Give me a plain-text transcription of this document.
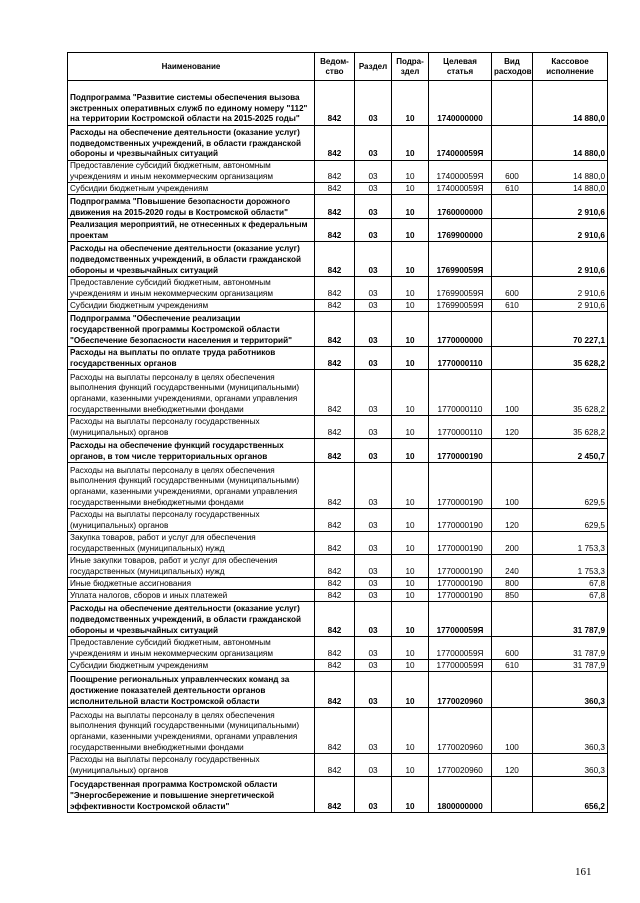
Наименование	Ведом-ство	Раздел	Подра-здел	Целевая статья	Вид расходов	Кассовое исполнение
Подпрограмма "Развитие системы обеспечения вызова экстренных оперативных служб по единому номеру "112" на территории Костромской области на 2015-2025 годы"	842	03	10	1740000000		14 880,0
Расходы на обеспечение деятельности (оказание услуг) подведомственных учреждений, в области гражданской обороны и чрезвычайных ситуаций	842	03	10	174000059Я		14 880,0
Предоставление субсидий бюджетным, автономным учреждениям и иным некоммерческим организациям	842	03	10	174000059Я	600	14 880,0
Субсидии бюджетным учреждениям	842	03	10	174000059Я	610	14 880,0
Подпрограмма "Повышение безопасности дорожного движения на 2015-2020 годы в Костромской области"	842	03	10	1760000000		2 910,6
Реализация мероприятий, не отнесенных к федеральным проектам	842	03	10	1769900000		2 910,6
Расходы на обеспечение деятельности (оказание услуг) подведомственных учреждений, в области гражданской обороны и чрезвычайных ситуаций	842	03	10	176990059Я		2 910,6
Предоставление субсидий бюджетным, автономным учреждениям и иным некоммерческим организациям	842	03	10	176990059Я	600	2 910,6
Субсидии бюджетным учреждениям	842	03	10	176990059Я	610	2 910,6
Подпрограмма "Обеспечение реализации государственной программы Костромской области "Обеспечение безопасности населения и территорий"	842	03	10	1770000000		70 227,1
Расходы на выплаты по оплате труда работников государственных органов	842	03	10	1770000110		35 628,2
Расходы на выплаты персоналу в целях обеспечения выполнения функций государственными (муниципальными) органами, казенными учреждениями, органами управления государственными внебюджетными фондами	842	03	10	1770000110	100	35 628,2
Расходы на выплаты персоналу государственных (муниципальных) органов	842	03	10	1770000110	120	35 628,2
Расходы на обеспечение функций государственных органов, в том числе территориальных органов	842	03	10	1770000190		2 450,7
Расходы на выплаты персоналу в целях обеспечения выполнения функций государственными (муниципальными) органами, казенными учреждениями, органами управления государственными внебюджетными фондами	842	03	10	1770000190	100	629,5
Расходы на выплаты персоналу государственных (муниципальных) органов	842	03	10	1770000190	120	629,5
Закупка товаров, работ и услуг для обеспечения государственных (муниципальных) нужд	842	03	10	1770000190	200	1 753,3
Иные закупки товаров, работ и услуг для обеспечения государственных (муниципальных) нужд	842	03	10	1770000190	240	1 753,3
Иные бюджетные ассигнования	842	03	10	1770000190	800	67,8
Уплата налогов, сборов и иных платежей	842	03	10	1770000190	850	67,8
Расходы на обеспечение деятельности (оказание услуг) подведомственных учреждений, в области гражданской обороны и чрезвычайных ситуаций	842	03	10	177000059Я		31 787,9
Предоставление субсидий бюджетным, автономным учреждениям и иным некоммерческим организациям	842	03	10	177000059Я	600	31 787,9
Субсидии бюджетным учреждениям	842	03	10	177000059Я	610	31 787,9
Поощрение региональных управленческих команд за достижение показателей деятельности органов исполнительной власти Костромской области	842	03	10	1770020960		360,3
Расходы на выплаты персоналу в целях обеспечения выполнения функций государственными (муниципальными) органами, казенными учреждениями, органами управления государственными внебюджетными фондами	842	03	10	1770020960	100	360,3
Расходы на выплаты персоналу государственных (муниципальных) органов	842	03	10	1770020960	120	360,3
Государственная программа Костромской области "Энергосбережение и повышение энергетической эффективности Костромской области"	842	03	10	1800000000		656,2
161
